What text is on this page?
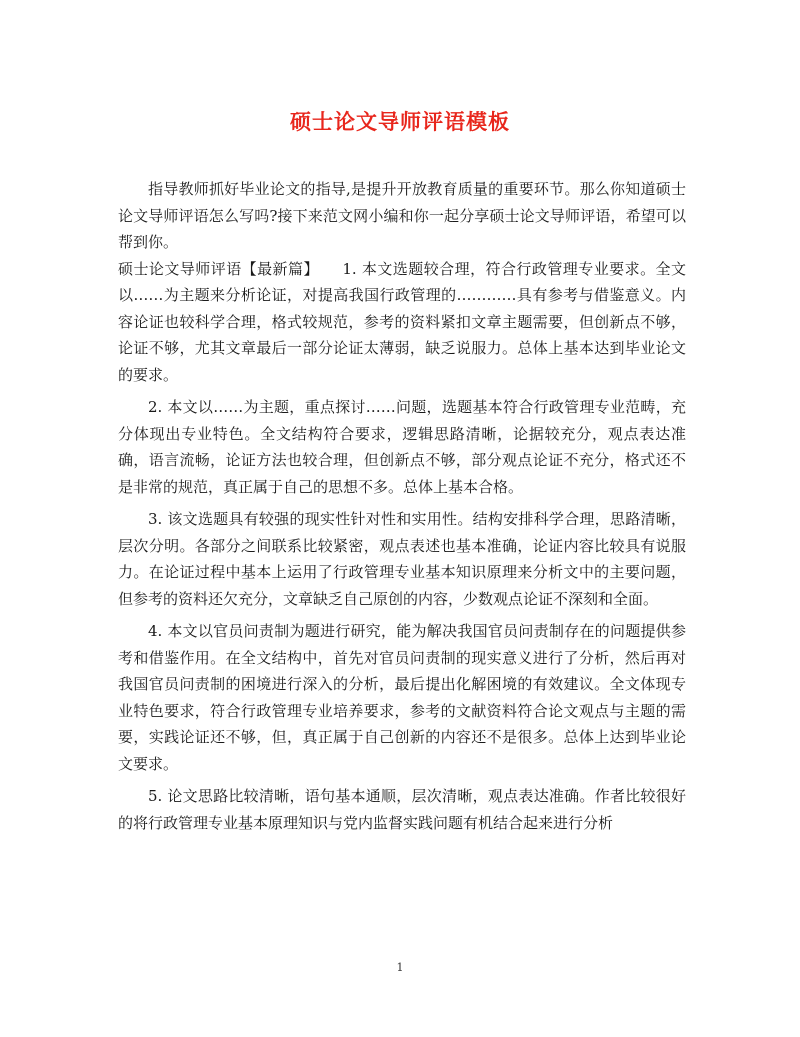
硕士论文导师评语模板

指导教师抓好毕业论文的指导,是提升开放教育质量的重要环节。那么你知道硕士论文导师评语怎么写吗?接下来范文网小编和你一起分享硕士论文导师评语，希望可以帮到你。

硕士论文导师评语【最新篇】　　1. 本文选题较合理，符合行政管理专业要求。全文以……为主题来分析论证，对提高我国行政管理的…………具有参考与借鉴意义。内容论证也较科学合理，格式较规范，参考的资料紧扣文章主题需要，但创新点不够，论证不够，尤其文章最后一部分论证太薄弱，缺乏说服力。总体上基本达到毕业论文的要求。

2. 本文以……为主题，重点探讨……问题，选题基本符合行政管理专业范畴，充分体现出专业特色。全文结构符合要求，逻辑思路清晰，论据较充分，观点表达准确，语言流畅，论证方法也较合理，但创新点不够，部分观点论证不充分，格式还不是非常的规范，真正属于自己的思想不多。总体上基本合格。

3. 该文选题具有较强的现实性针对性和实用性。结构安排科学合理，思路清晰，层次分明。各部分之间联系比较紧密，观点表述也基本准确，论证内容比较具有说服力。在论证过程中基本上运用了行政管理专业基本知识原理来分析文中的主要问题，但参考的资料还欠充分，文章缺乏自己原创的内容，少数观点论证不深刻和全面。

4. 本文以官员问责制为题进行研究，能为解决我国官员问责制存在的问题提供参考和借鉴作用。在全文结构中，首先对官员问责制的现实意义进行了分析，然后再对我国官员问责制的困境进行深入的分析，最后提出化解困境的有效建议。全文体现专业特色要求，符合行政管理专业培养要求，参考的文献资料符合论文观点与主题的需要，实践论证还不够，但，真正属于自己创新的内容还不是很多。总体上达到毕业论文要求。

5. 论文思路比较清晰，语句基本通顺，层次清晰，观点表达准确。作者比较很好的将行政管理专业基本原理知识与党内监督实践问题有机结合起来进行分析

1
